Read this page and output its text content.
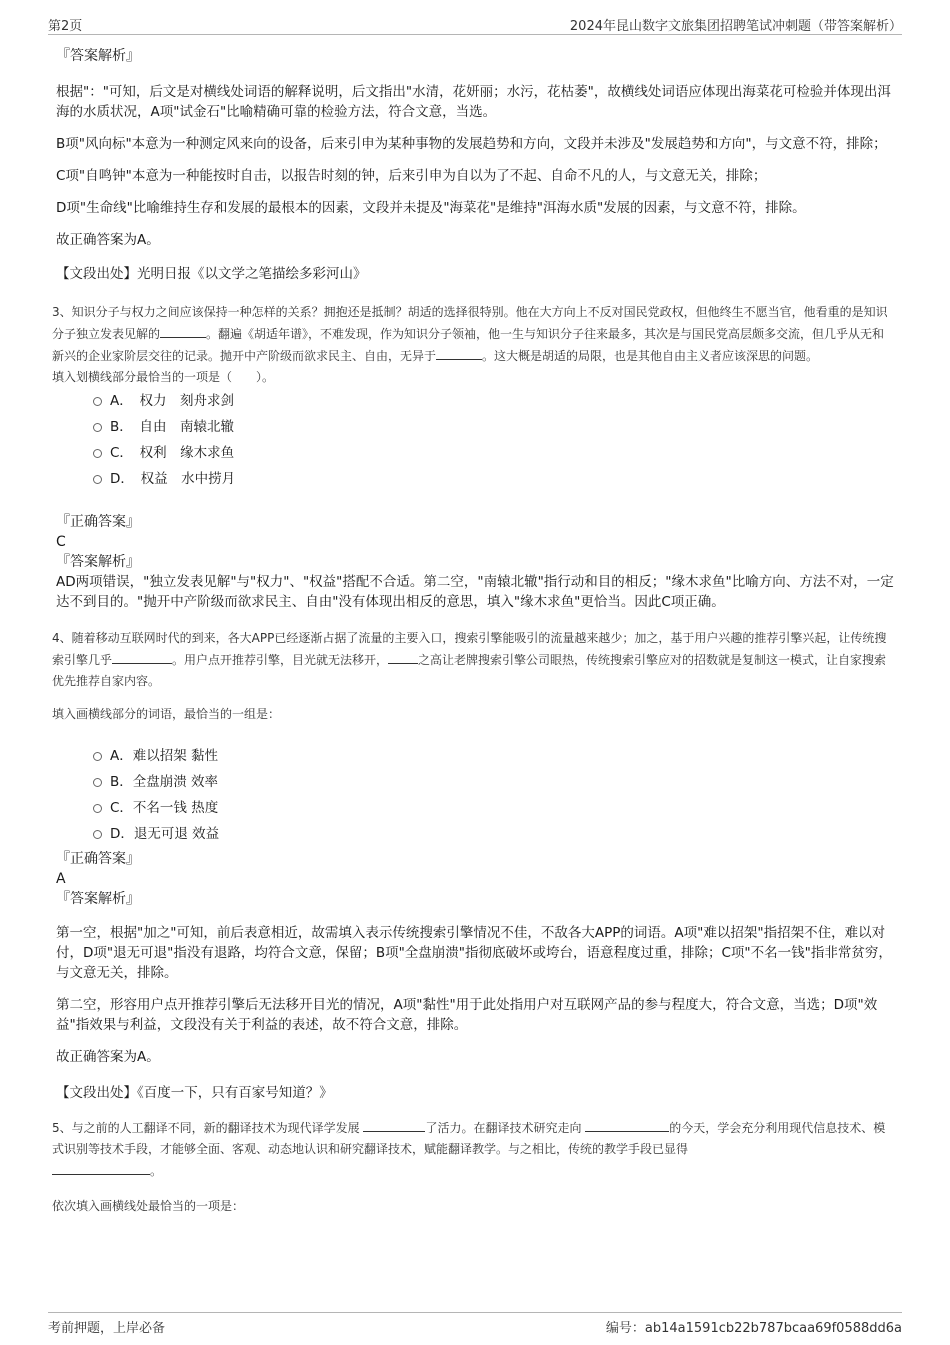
第2页	2024年昆山数字文旅集团招聘笔试冲刺题（带答案解析）

『答案解析』

根据"："可知，后文是对横线处词语的解释说明，后文指出"水清，花妍丽；水污，花枯萎"，故横线处词语应体现出海菜花可检验并体现出洱海的水质状况，A项"试金石"比喻精确可靠的检验方法，符合文意，当选。

B项"风向标"本意为一种测定风来向的设备，后来引申为某种事物的发展趋势和方向，文段并未涉及"发展趋势和方向"，与文意不符，排除；

C项"自鸣钟"本意为一种能按时自击，以报告时刻的钟，后来引申为自以为了不起、自命不凡的人，与文意无关，排除；

D项"生命线"比喻维持生存和发展的最根本的因素，文段并未提及"海菜花"是维持"洱海水质"发展的因素，与文意不符，排除。

故正确答案为A。

【文段出处】光明日报《以文学之笔描绘多彩河山》

3、知识分子与权力之间应该保持一种怎样的关系？拥抱还是抵制？胡适的选择很特别。他在大方向上不反对国民党政权，但他终生不愿当官，他看重的是知识分子独立发表见解的	。翻遍《胡适年谱》，不难发现，作为知识分子领袖，他一生与知识分子往来最多，其次是与国民党高层颇多交流，但几乎从无和新兴的企业家阶层交往的记录。抛开中产阶级而欲求民主、自由，无异于	。这大概是胡适的局限，也是其他自由主义者应该深思的问题。

填入划横线部分最恰当的一项是（　　）。

A．　权力　刻舟求剑
B．　自由　南辕北辙
C．　权利　缘木求鱼
D．　权益　水中捞月

『正确答案』

C

『答案解析』

AD两项错误，"独立发表见解"与"权力"、"权益"搭配不合适。第二空，"南辕北辙"指行动和目的相反；"缘木求鱼"比喻方向、方法不对，一定达不到目的。"抛开中产阶级而欲求民主、自由"没有体现出相反的意思，填入"缘木求鱼"更恰当。因此C项正确。

4、随着移动互联网时代的到来，各大APP已经逐渐占据了流量的主要入口，搜索引擎能吸引的流量越来越少；加之，基于用户兴趣的推荐引擎兴起，让传统搜索引擎几乎	。用户点开推荐引擎，目光就无法移开，	之高让老牌搜索引擎公司眼热，传统搜索引擎应对的招数就是复制这一模式，让自家搜索优先推荐自家内容。

填入画横线部分的词语，最恰当的一组是：

A．难以招架 黏性
B．全盘崩溃 效率
C．不名一钱 热度
D．退无可退 效益

『正确答案』

A

『答案解析』

第一空，根据"加之"可知，前后表意相近，故需填入表示传统搜索引擎情况不佳，不敌各大APP的词语。A项"难以招架"指招架不住，难以对付，D项"退无可退"指没有退路，均符合文意，保留；B项"全盘崩溃"指彻底破坏或垮台，语意程度过重，排除；C项"不名一钱"指非常贫穷，与文意无关，排除。

第二空，形容用户点开推荐引擎后无法移开目光的情况，A项"黏性"用于此处指用户对互联网产品的参与程度大，符合文意，当选；D项"效益"指效果与利益，文段没有关于利益的表述，故不符合文意，排除。

故正确答案为A。

【文段出处】《百度一下，只有百家号知道？》

5、与之前的人工翻译不同，新的翻译技术为现代译学发展	了活力。在翻译技术研究走向	的今天，学会充分利用现代信息技术、模式识别等技术手段，才能够全面、客观、动态地认识和研究翻译技术，赋能翻译教学。与之相比，传统的教学手段已显得
。

依次填入画横线处最恰当的一项是：

考前押题，上岸必备	编号：ab14a1591cb22b787bcaa69f0588dd6a
